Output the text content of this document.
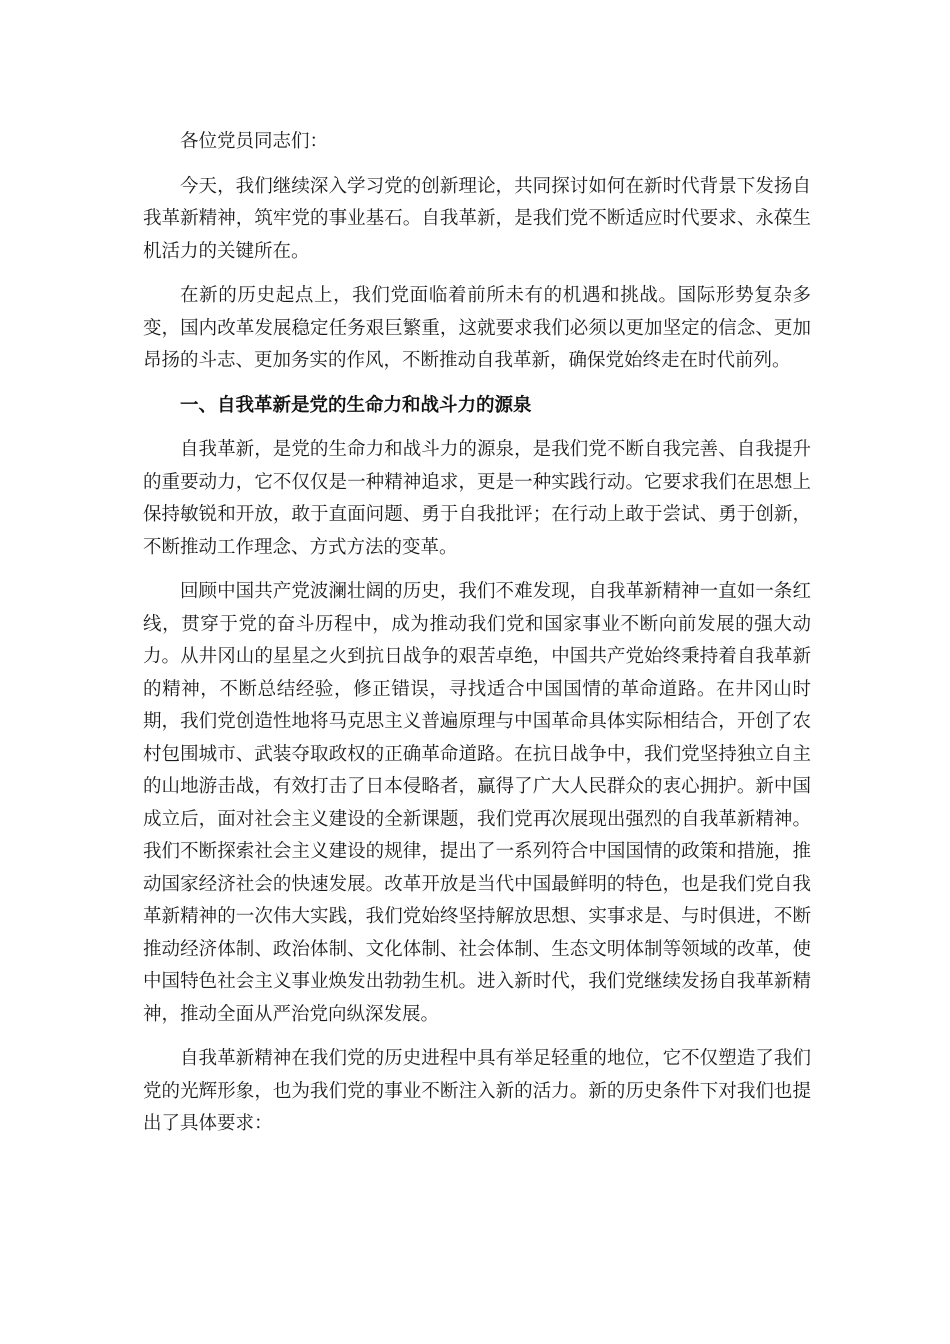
各位党员同志们：

今天，我们继续深入学习党的创新理论，共同探讨如何在新时代背景下发扬自我革新精神，筑牢党的事业基石。自我革新，是我们党不断适应时代要求、永葆生机活力的关键所在。

在新的历史起点上，我们党面临着前所未有的机遇和挑战。国际形势复杂多变，国内改革发展稳定任务艰巨繁重，这就要求我们必须以更加坚定的信念、更加昂扬的斗志、更加务实的作风，不断推动自我革新，确保党始终走在时代前列。

一、自我革新是党的生命力和战斗力的源泉

自我革新，是党的生命力和战斗力的源泉，是我们党不断自我完善、自我提升的重要动力，它不仅仅是一种精神追求，更是一种实践行动。它要求我们在思想上保持敏锐和开放，敢于直面问题、勇于自我批评；在行动上敢于尝试、勇于创新，不断推动工作理念、方式方法的变革。

回顾中国共产党波澜壮阔的历史，我们不难发现，自我革新精神一直如一条红线，贯穿于党的奋斗历程中，成为推动我们党和国家事业不断向前发展的强大动力。从井冈山的星星之火到抗日战争的艰苦卓绝，中国共产党始终秉持着自我革新的精神，不断总结经验，修正错误，寻找适合中国国情的革命道路。在井冈山时期，我们党创造性地将马克思主义普遍原理与中国革命具体实际相结合，开创了农村包围城市、武装夺取政权的正确革命道路。在抗日战争中，我们党坚持独立自主的山地游击战，有效打击了日本侵略者，赢得了广大人民群众的衷心拥护。新中国成立后，面对社会主义建设的全新课题，我们党再次展现出强烈的自我革新精神。我们不断探索社会主义建设的规律，提出了一系列符合中国国情的政策和措施，推动国家经济社会的快速发展。改革开放是当代中国最鲜明的特色，也是我们党自我革新精神的一次伟大实践，我们党始终坚持解放思想、实事求是、与时俱进，不断推动经济体制、政治体制、文化体制、社会体制、生态文明体制等领域的改革，使中国特色社会主义事业焕发出勃勃生机。进入新时代，我们党继续发扬自我革新精神，推动全面从严治党向纵深发展。

自我革新精神在我们党的历史进程中具有举足轻重的地位，它不仅塑造了我们党的光辉形象，也为我们党的事业不断注入新的活力。新的历史条件下对我们也提出了具体要求：
